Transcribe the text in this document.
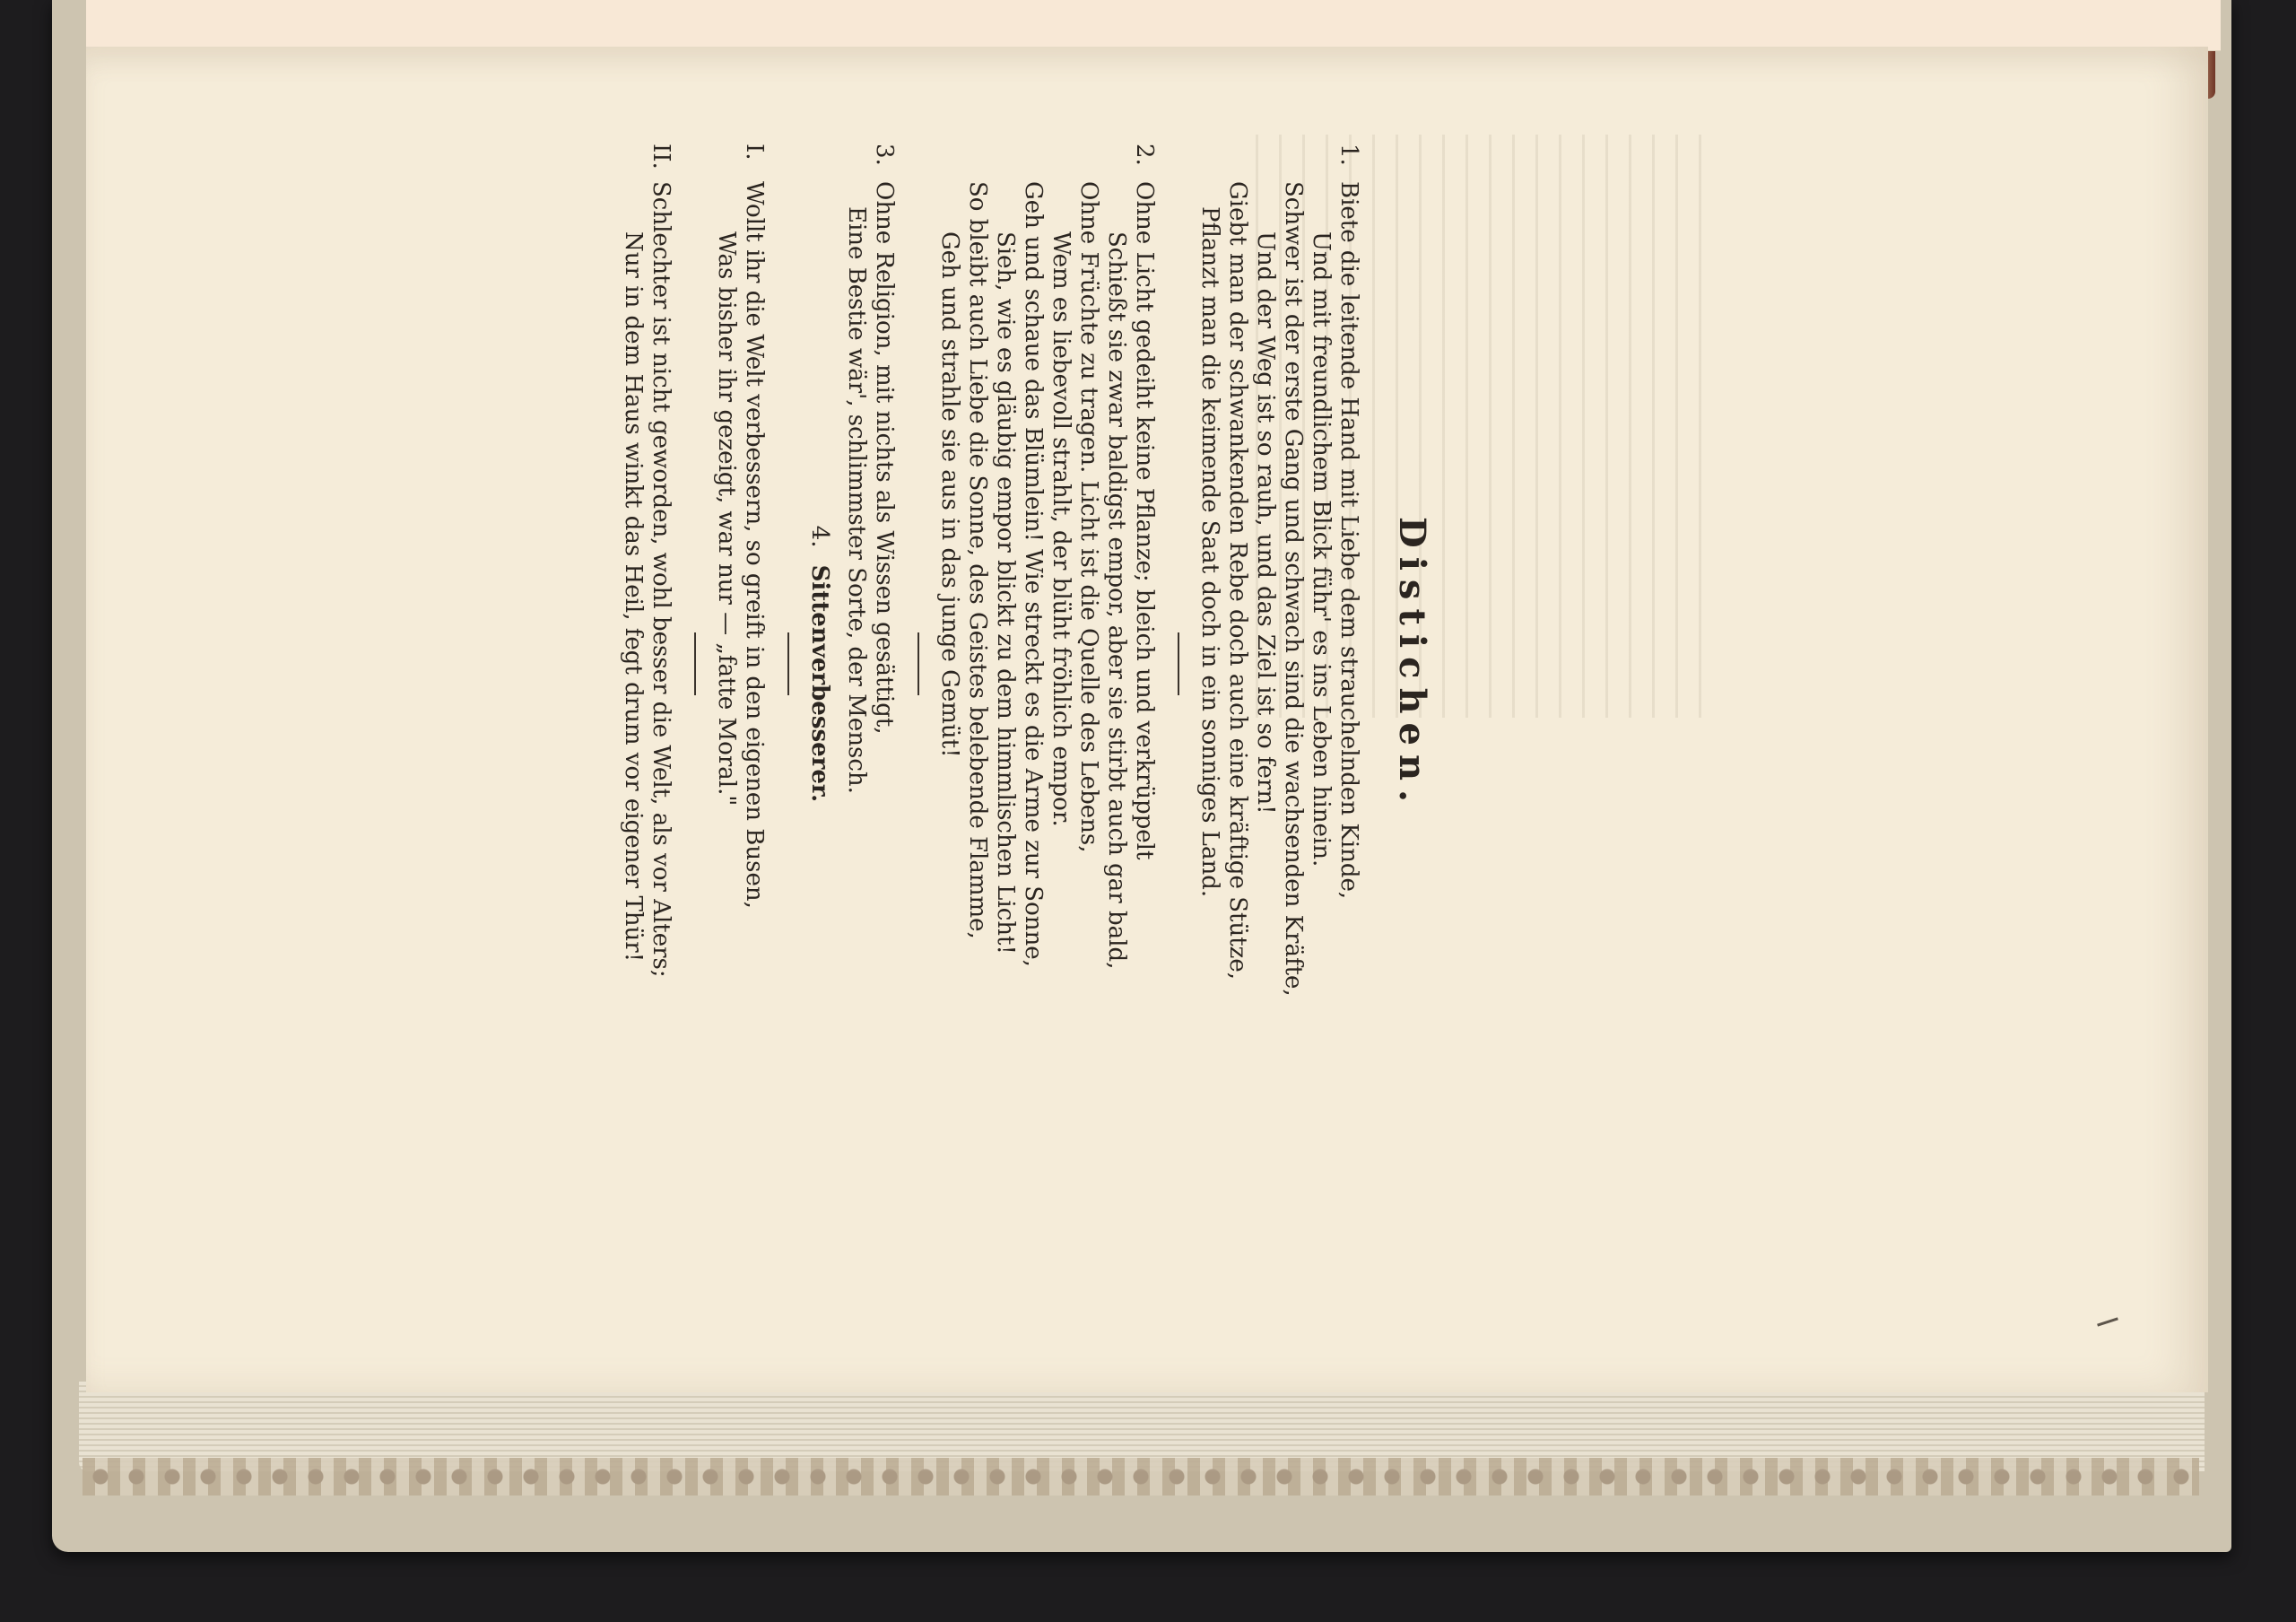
Distichen.
1.
Biete die leitende Hand mit Liebe dem strauchelnden Kinde,
Und mit freundlichem Blick führ' es ins Leben hinein.
Schwer ist der erste Gang und schwach sind die wachsenden Kräfte,
Und der Weg ist so rauh, und das Ziel ist so fern!
Giebt man der schwankenden Rebe doch auch eine kräftige Stütze,
Pflanzt man die keimende Saat doch in ein sonniges Land.
2.
Ohne Licht gedeiht keine Pflanze; bleich und verkrüppelt
Schießt sie zwar baldigst empor, aber sie stirbt auch gar bald,
Ohne Früchte zu tragen. Licht ist die Quelle des Lebens,
Wem es liebevoll strahlt, der blüht fröhlich empor.
Geh und schaue das Blümlein! Wie streckt es die Arme zur Sonne,
Sieh, wie es gläubig empor blickt zu dem himmlischen Licht!
So bleibt auch Liebe die Sonne, des Geistes belebende Flamme,
Geh und strahle sie aus in das junge Gemüt!
3.
Ohne Religion, mit nichts als Wissen gesättigt,
Eine Bestie wär', schlimmster Sorte, der Mensch.
4. Sittenverbesserer.
I.
Wollt ihr die Welt verbessern, so greift in den eigenen Busen,
Was bisher ihr gezeigt, war nur — „fatte Moral."
II.
Schlechter ist nicht geworden, wohl besser die Welt, als vor Alters;
Nur in dem Haus winkt das Heil, fegt drum vor eigener Thür!
